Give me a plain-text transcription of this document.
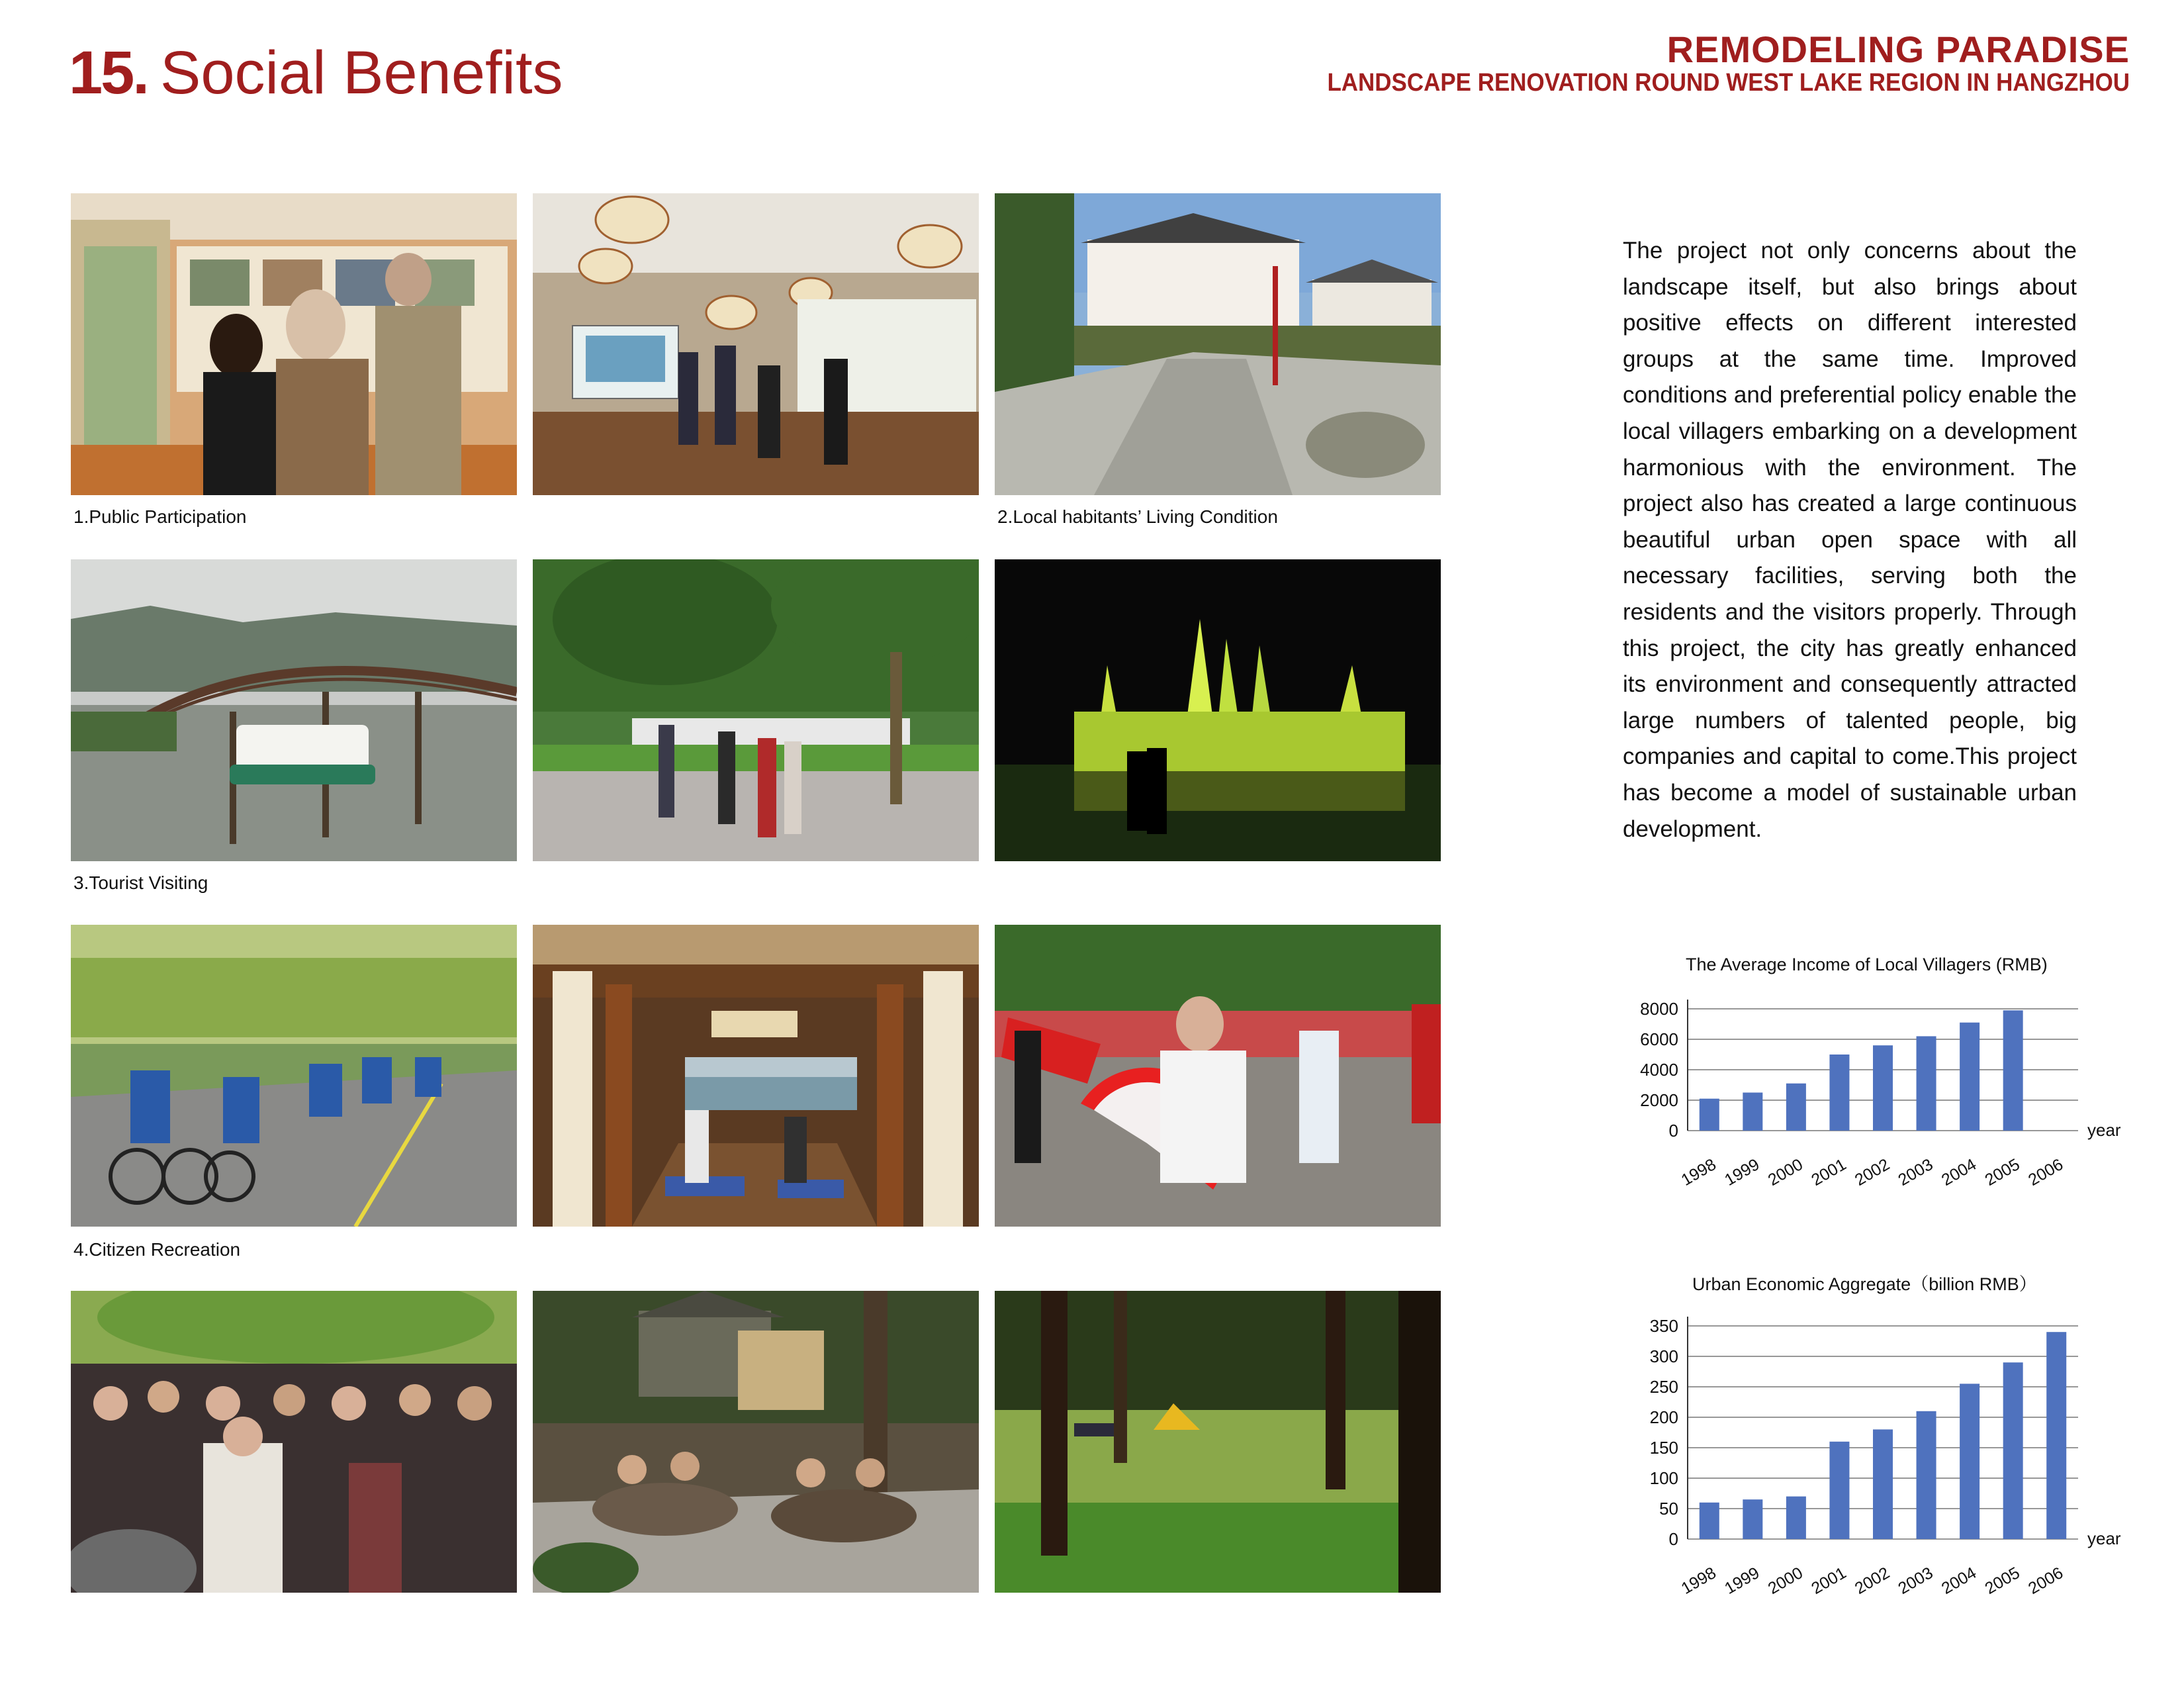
15. Social Benefits	REMODELING PARADISE
LANDSCAPE RENOVATION ROUND WEST LAKE REGION IN HANGZHOU
1.Public Participation	2.Local habitants’ Living Condition
3.Tourist Visiting
4.Citizen Recreation
The project not only concerns about the landscape itself, but also brings about positive effects on different interested groups at the same time. Improved conditions and preferential policy enable the local villagers embarking on a development harmonious with the environment. The project also has created a large continuous beautiful urban open space with all necessary facilities, serving both the residents and the visitors properly. Through this project, the city has greatly enhanced its environment and consequently attracted large numbers of talented people, big companies and capital to come.This project has become a model of sustainable urban development.
The Average Income of Local Villagers (RMB)
0
2000
4000
6000
8000
1998 1999 2000 2001 2002 2003 2004 2005 2006
year
Urban Economic Aggregate（billion RMB）
0
50
100
150
200
250
300
350
1998 1999 2000 2001 2002 2003 2004 2005 2006
year
